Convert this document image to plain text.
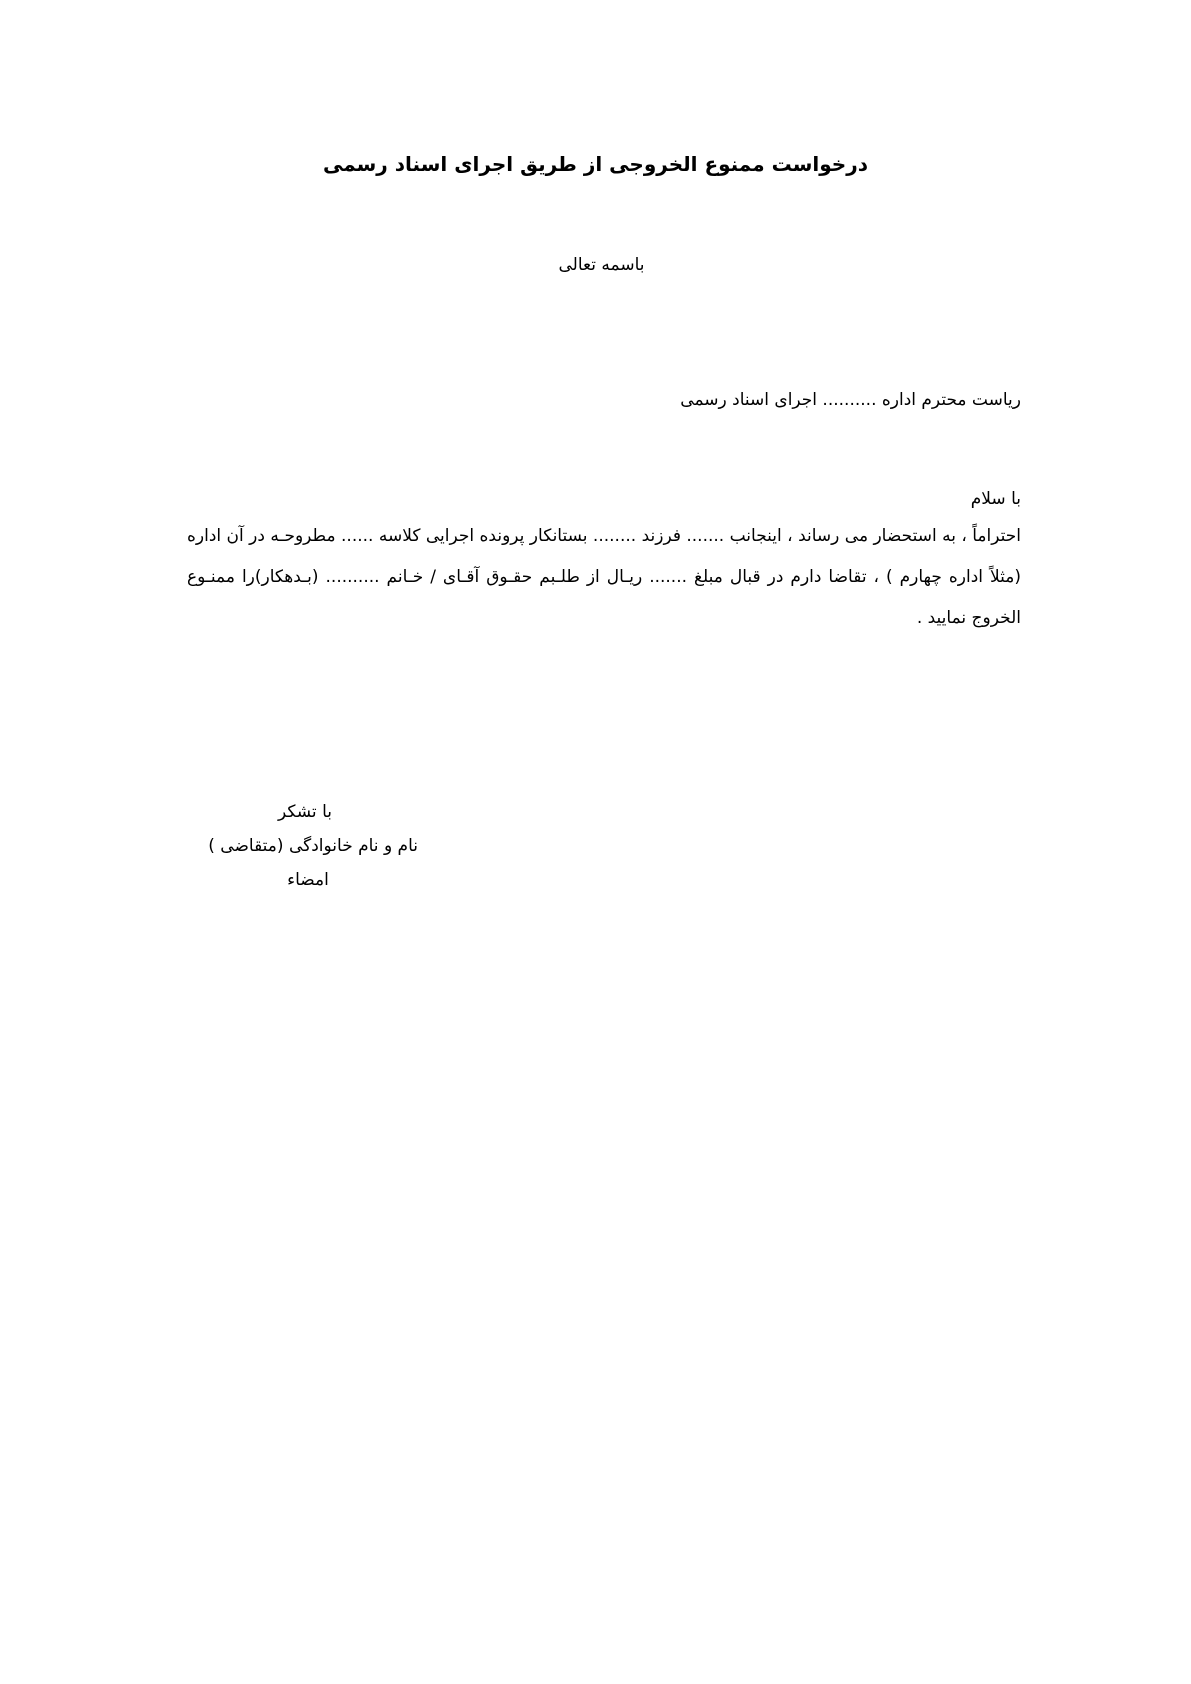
درخواست ممنوع الخروجی از طریق اجرای اسناد رسمی

باسمه تعالی

ریاست محترم اداره .......... اجرای اسناد رسمی
با سلام

احتراماً ، به استحضار می رساند ، اینجانب ....... فرزند ........ بستانکار پرونده اجرایی کلاسه ...... مطروحـه در آن اداره (مثلاً اداره چهارم ) ، تقاضا دارم در قبال مبلغ ....... ریـال از طلـبم حقـوق آقـای / خـانم .......... (بـدهکار)را ممنـوع الخروج نمایید .

با تشکر
نام و نام خانوادگی (متقاضی )
امضاء
